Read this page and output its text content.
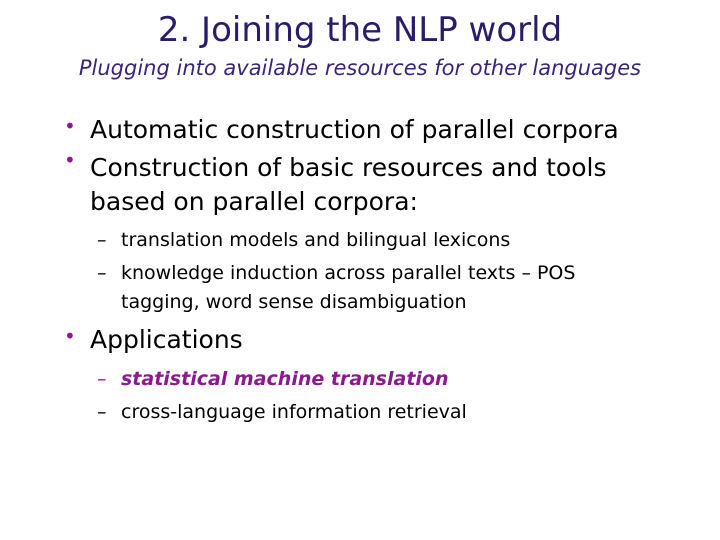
2. Joining the NLP world
Plugging into available resources for other languages
• Automatic construction of parallel corpora
• Construction of basic resources and tools
based on parallel corpora:
– translation models and bilingual lexicons
– knowledge induction across parallel texts – POS
tagging, word sense disambiguation
• Applications
– statistical machine translation
– cross-language information retrieval
